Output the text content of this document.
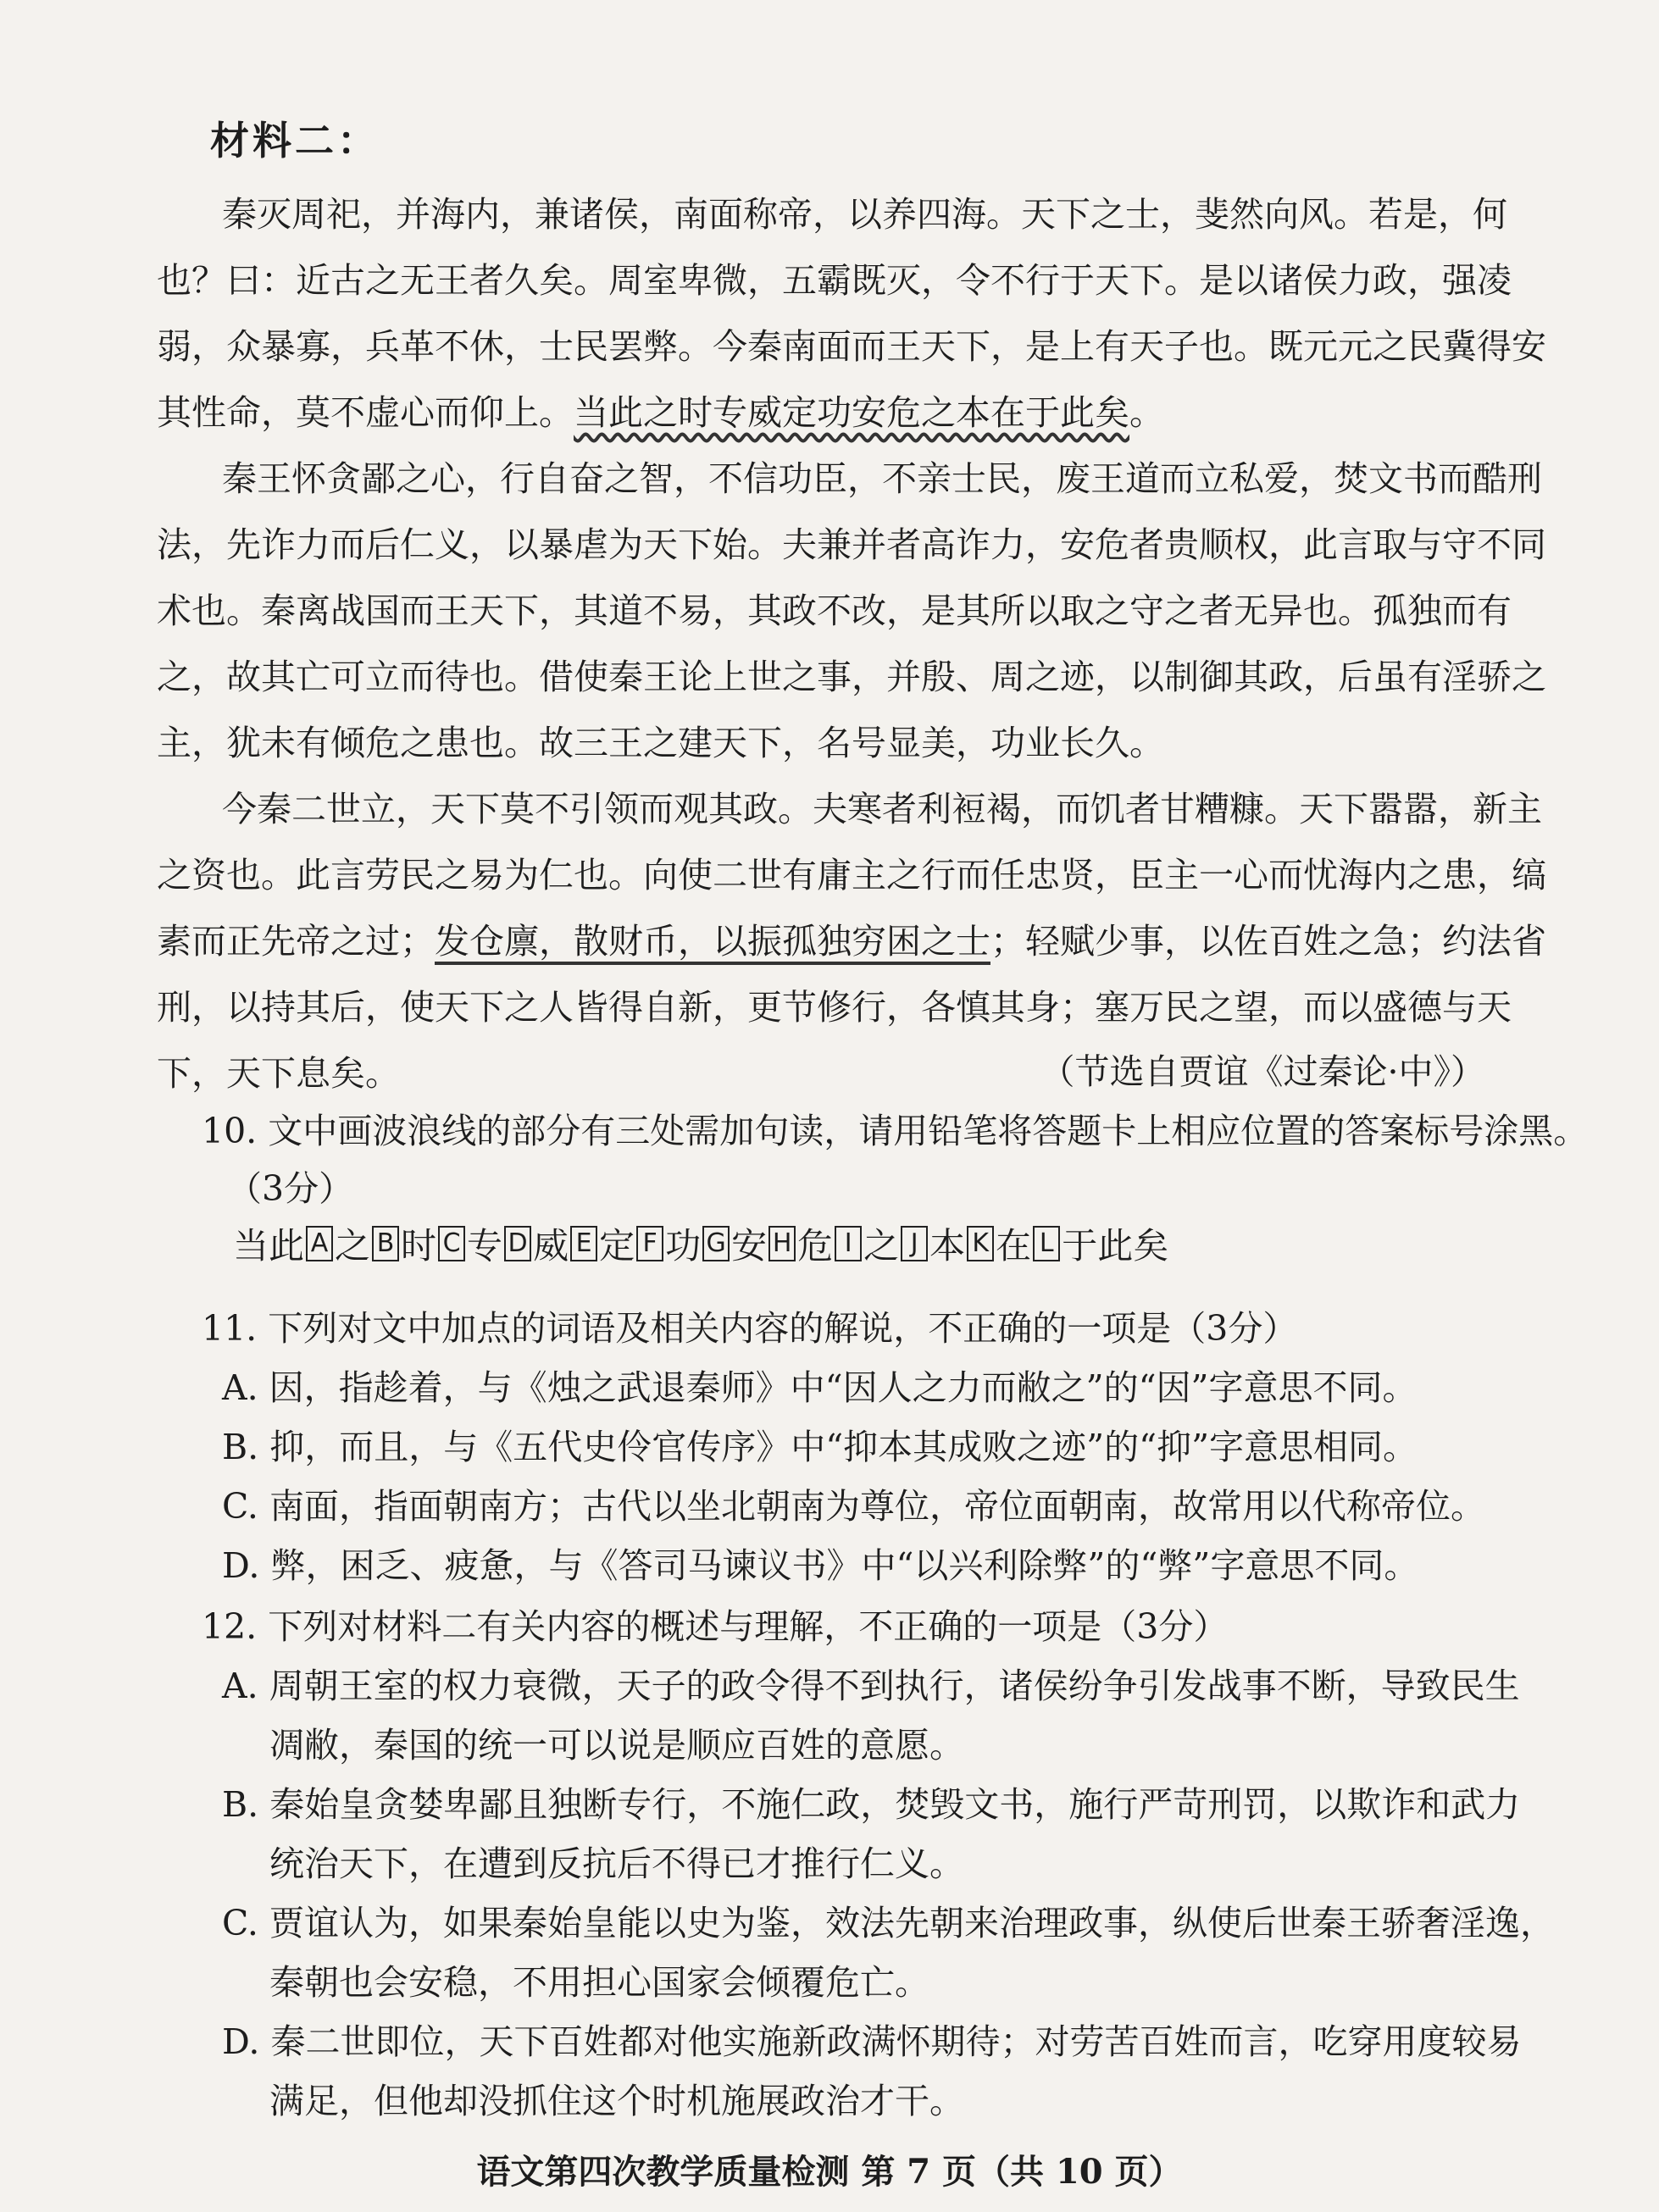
材料二：
秦灭周祀，并海内，兼诸侯，南面称帝，以养四海。天下之士，斐然向风。若是，何
也？曰：近古之无王者久矣。周室卑微，五霸既灭，令不行于天下。是以诸侯力政，强凌
弱，众暴寡，兵革不休，士民罢弊。今秦南面而王天下，是上有天子也。既元元之民冀得安
其性命，莫不虚心而仰上。当此之时专威定功安危之本在于此矣。
秦王怀贪鄙之心，行自奋之智，不信功臣，不亲士民，废王道而立私爱，焚文书而酷刑
法，先诈力而后仁义，以暴虐为天下始。夫兼并者高诈力，安危者贵顺权，此言取与守不同
术也。秦离战国而王天下，其道不易，其政不改，是其所以取之守之者无异也。孤独而有
之，故其亡可立而待也。借使秦王论上世之事，并殷、周之迹，以制御其政，后虽有淫骄之
主，犹未有倾危之患也。故三王之建天下，名号显美，功业长久。
今秦二世立，天下莫不引领而观其政。夫寒者利裋褐，而饥者甘糟糠。天下嚣嚣，新主
之资也。此言劳民之易为仁也。向使二世有庸主之行而任忠贤，臣主一心而忧海内之患，缟
素而正先帝之过；发仓廪，散财币，以振孤独穷困之士；轻赋少事，以佐百姓之急；约法省
刑，以持其后，使天下之人皆得自新，更节修行，各慎其身；塞万民之望，而以盛德与天
下，天下息矣。	（节选自贾谊《过秦论·中》）
10. 文中画波浪线的部分有三处需加句读，请用铅笔将答题卡上相应位置的答案标号涂黑。
（3分）
当此 A 之 B 时 C 专 D 威 E 定 F 功 G 安 H 危 I 之 J 本 K 在 L 于此矣
11. 下列对文中加点的词语及相关内容的解说，不正确的一项是（3分）
A. 因，指趁着，与《烛之武退秦师》中“因人之力而敝之”的“因”字意思不同。
B. 抑，而且，与《五代史伶官传序》中“抑本其成败之迹”的“抑”字意思相同。
C. 南面，指面朝南方；古代以坐北朝南为尊位，帝位面朝南，故常用以代称帝位。
D. 弊，困乏、疲惫，与《答司马谏议书》中“以兴利除弊”的“弊”字意思不同。
12. 下列对材料二有关内容的概述与理解，不正确的一项是（3分）
A. 周朝王室的权力衰微，天子的政令得不到执行，诸侯纷争引发战事不断，导致民生
凋敝，秦国的统一可以说是顺应百姓的意愿。
B. 秦始皇贪婪卑鄙且独断专行，不施仁政，焚毁文书，施行严苛刑罚，以欺诈和武力
统治天下，在遭到反抗后不得已才推行仁义。
C. 贾谊认为，如果秦始皇能以史为鉴，效法先朝来治理政事，纵使后世秦王骄奢淫逸，
秦朝也会安稳，不用担心国家会倾覆危亡。
D. 秦二世即位，天下百姓都对他实施新政满怀期待；对劳苦百姓而言，吃穿用度较易
满足，但他却没抓住这个时机施展政治才干。
语文第四次教学质量检测 第 7 页（共 10 页）
